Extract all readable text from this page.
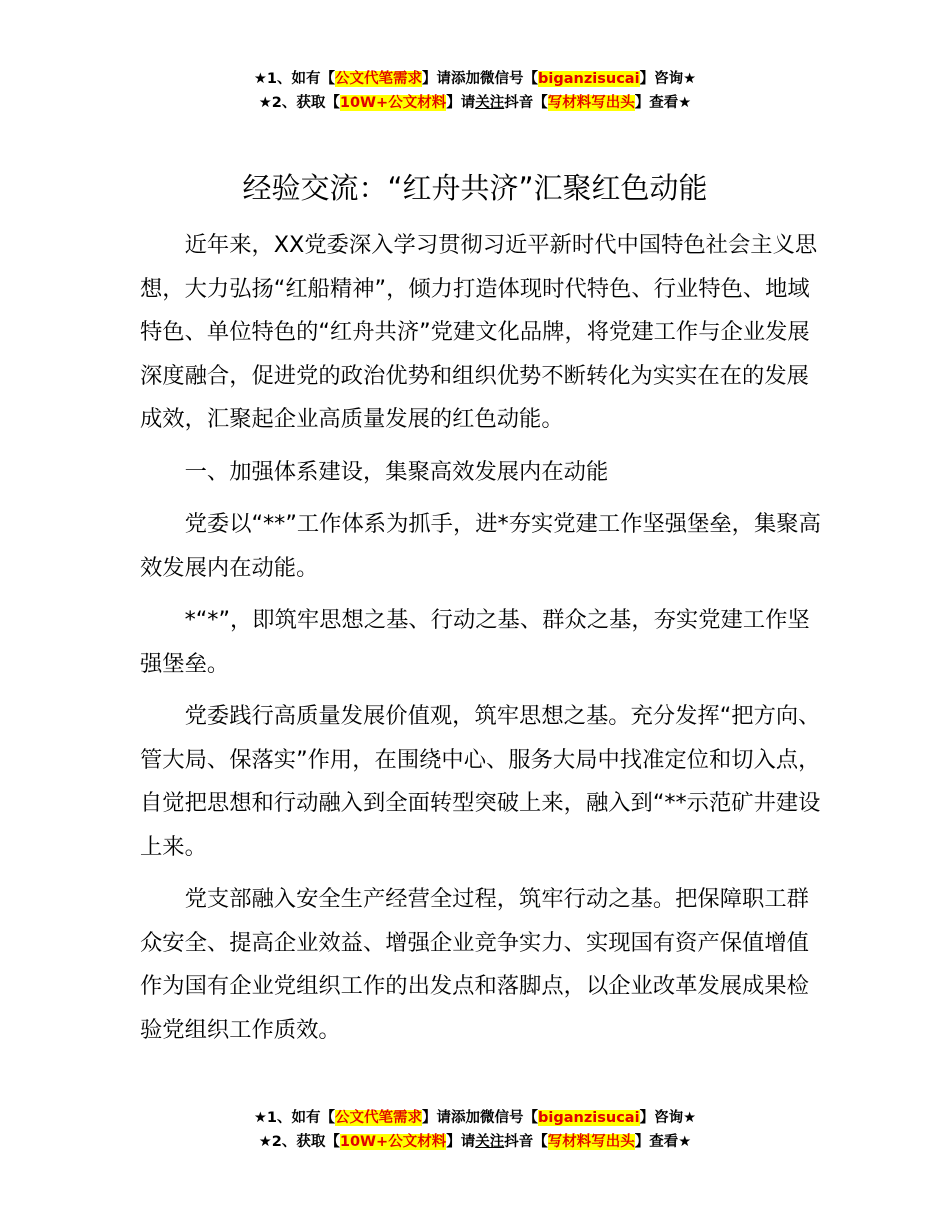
★1、如有【公文代笔需求】请添加微信号【biganzisucai】咨询★
★2、获取【10W+公文材料】请关注抖音【写材料写出头】查看★
经验交流：“红舟共济”汇聚红色动能

近年来，XX党委深入学习贯彻习近平新时代中国特色社会主义思想，大力弘扬“红船精神”，倾力打造体现时代特色、行业特色、地域特色、单位特色的“红舟共济”党建文化品牌，将党建工作与企业发展深度融合，促进党的政治优势和组织优势不断转化为实实在在的发展成效，汇聚起企业高质量发展的红色动能。

一、加强体系建设，集聚高效发展内在动能

党委以“**”工作体系为抓手，进*夯实党建工作坚强堡垒，集聚高效发展内在动能。

*“*”，即筑牢思想之基、行动之基、群众之基，夯实党建工作坚强堡垒。

党委践行高质量发展价值观，筑牢思想之基。充分发挥“把方向、管大局、保落实”作用，在围绕中心、服务大局中找准定位和切入点，自觉把思想和行动融入到全面转型突破上来，融入到“**示范矿井建设上来。

党支部融入安全生产经营全过程，筑牢行动之基。把保障职工群众安全、提高企业效益、增强企业竞争实力、实现国有资产保值增值作为国有企业党组织工作的出发点和落脚点，以企业改革发展成果检验党组织工作质效。

★1、如有【公文代笔需求】请添加微信号【biganzisucai】咨询★
★2、获取【10W+公文材料】请关注抖音【写材料写出头】查看★
